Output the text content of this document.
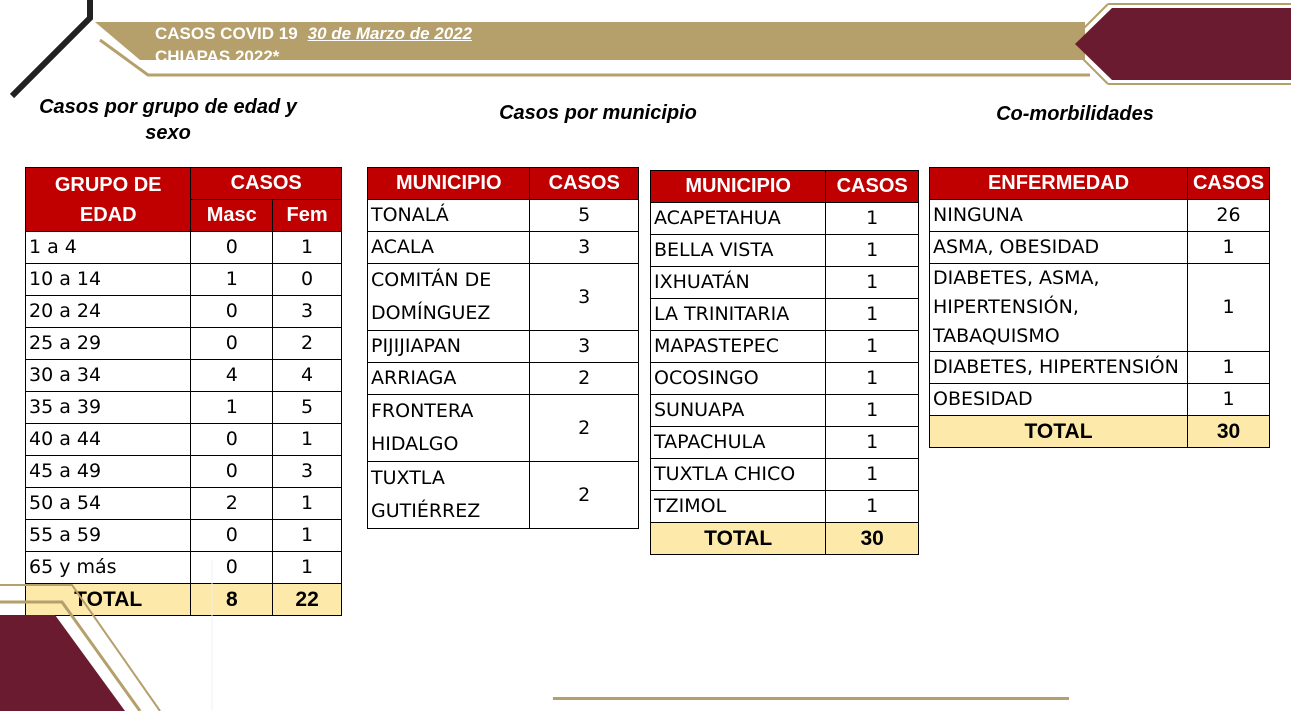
CASOS COVID 19 30 de Marzo de 2022
CHIAPAS 2022*
Casos por grupo de edad y sexo
Casos por municipio	Co-morbilidades
GRUPO DE EDAD	CASOS	
	Masc	Fem
1 a 4	0	1
10 a 14	1	0
20 a 24	0	3
25 a 29	0	2
30 a 34	4	4
35 a 39	1	5
40 a 44	0	1
45 a 49	0	3
50 a 54	2	1
55 a 59	0	1
65 y más	0	1
TOTAL	8	22
MUNICIPIO	CASOS
TONALÁ	5
ACALA	3
COMITÁN DE DOMÍNGUEZ	3
PIJIJIAPAN	3
ARRIAGA	2
FRONTERA HIDALGO	2
TUXTLA GUTIÉRREZ	2
MUNICIPIO	CASOS
ACAPETAHUA	1
BELLA VISTA	1
IXHUATÁN	1
LA TRINITARIA	1
MAPASTEPEC	1
OCOSINGO	1
SUNUAPA	1
TAPACHULA	1
TUXTLA CHICO	1
TZIMOL	1
TOTAL	30
ENFERMEDAD	CASOS
NINGUNA	26
ASMA, OBESIDAD	1
DIABETES, ASMA, HIPERTENSIÓN, TABAQUISMO	1
DIABETES, HIPERTENSIÓN	1
OBESIDAD	1
TOTAL	30
